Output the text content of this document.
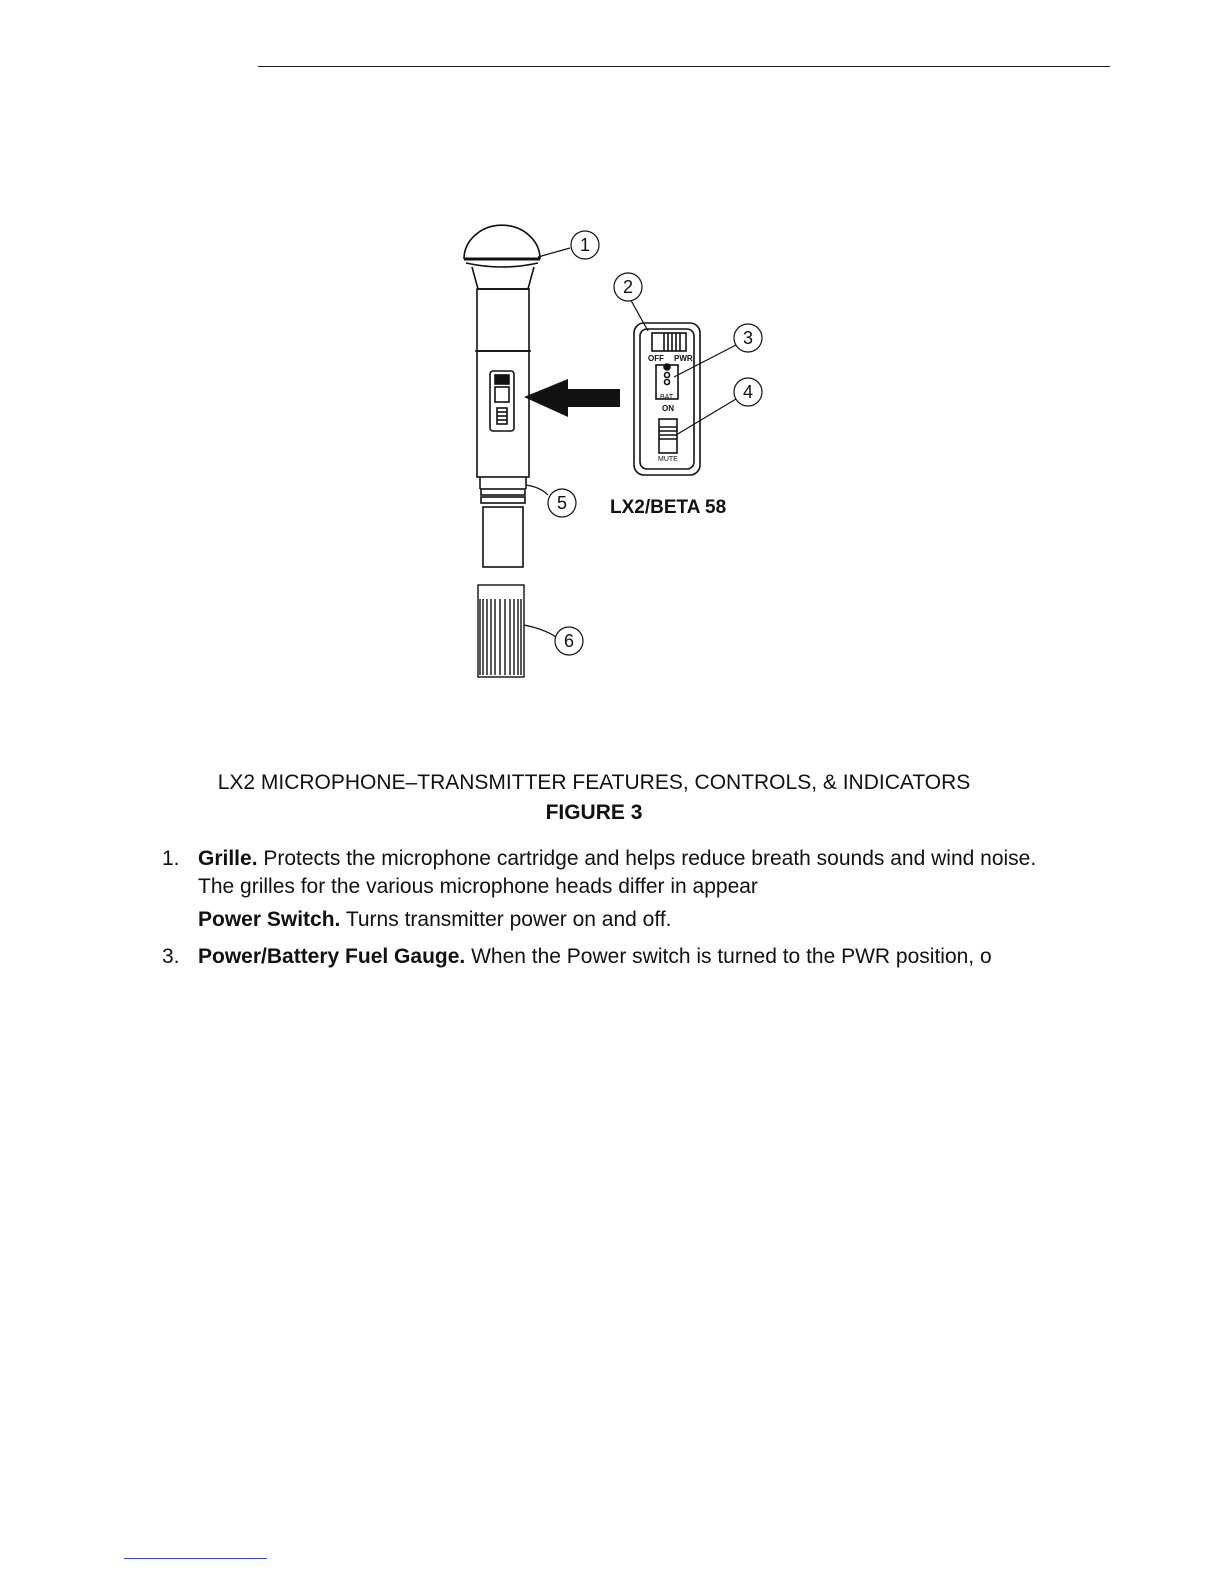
OFF PWR
BAT
ON
MUTE
1
2
3
4
5
6
LX2/BETA 58
LX2 MICROPHONE–TRANSMITTER FEATURES, CONTROLS, & INDICATORS
FIGURE 3
1. Grille. Protects the microphone cartridge and helps reduce breath sounds and wind noise. The grilles for the various microphone heads differ in appear
Power Switch. Turns transmitter power on and off.
3. Power/Battery Fuel Gauge. When the Power switch is turned to the PWR position, o
